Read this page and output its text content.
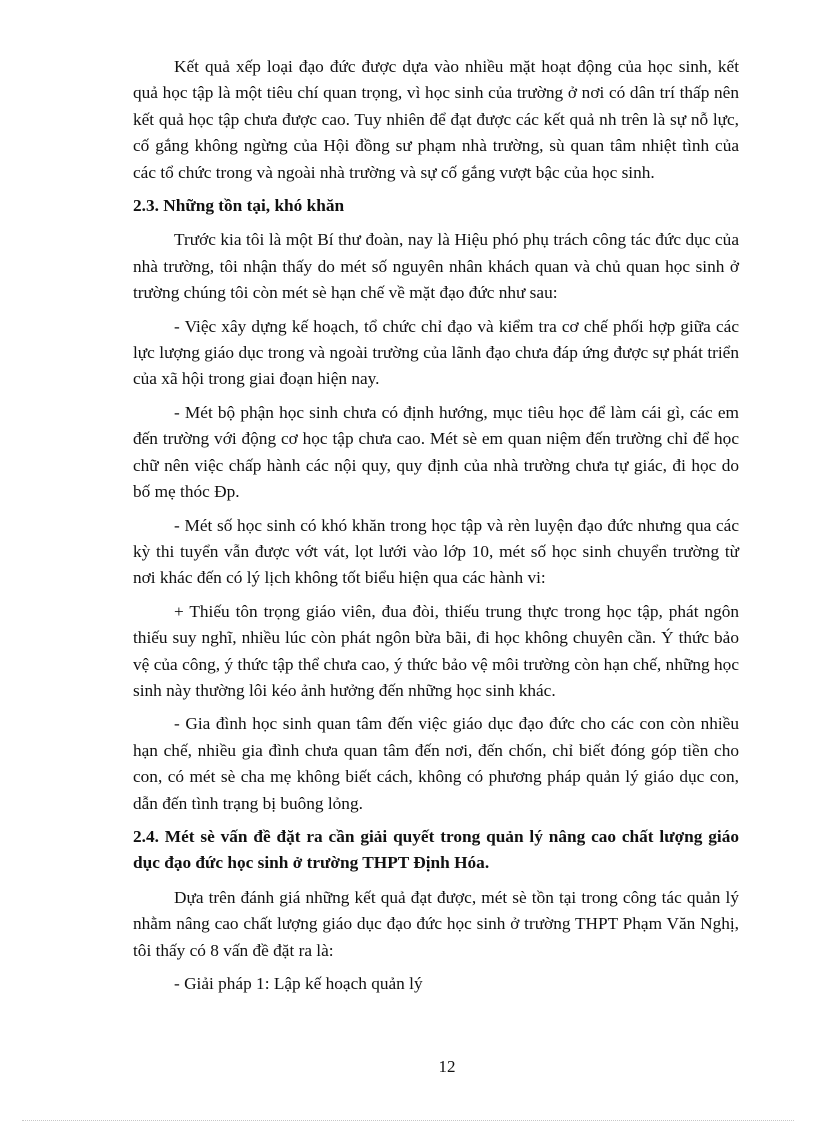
Kết quả xếp loại đạo đức được dựa vào nhiều mặt hoạt động của học sinh, kết quả học tập là một tiêu chí quan trọng, vì học sinh của trường ở nơi có dân trí thấp nên kết quả học tập chưa được cao. Tuy nhiên để đạt được các kết quả nh trên là sự nỗ lực, cố gắng không ngừng của Hội đồng sư phạm nhà trường, sù quan tâm nhiệt tình của các tổ chức trong và ngoài nhà trường và sự cố gắng vượt bậc của học sinh.

2.3. Những tồn tại, khó khăn

Trước kia tôi là một Bí thư đoàn, nay là Hiệu phó phụ trách công tác đức dục của nhà trường, tôi nhận thấy do mét số nguyên nhân khách quan và chủ quan học sinh ở trường chúng tôi còn mét sè hạn chế về mặt đạo đức như sau:

- Việc xây dựng kế hoạch, tổ chức chỉ đạo và kiểm tra cơ chế phối hợp giữa các lực lượng giáo dục trong và ngoài trường của lãnh đạo chưa đáp ứng được sự phát triển của xã hội trong giai đoạn hiện nay.

- Mét bộ phận học sinh chưa có định hướng, mục tiêu học để làm cái gì, các em đến trường với động cơ học tập chưa cao. Mét sè em quan niệm đến trường chỉ để học chữ nên việc chấp hành các nội quy, quy định của nhà trường chưa tự giác, đi học do bố mẹ thóc Đp.

- Mét số học sinh có khó khăn trong học tập và rèn luyện đạo đức nhưng qua các kỳ thi tuyển vẫn được vớt vát, lọt lưới vào lớp 10, mét số học sinh chuyển trường từ nơi khác đến có lý lịch không tốt biểu hiện qua các hành vi:

+ Thiếu tôn trọng giáo viên, đua đòi, thiếu trung thực trong học tập, phát ngôn thiếu suy nghĩ, nhiều lúc còn phát ngôn bừa bãi, đi học không chuyên cần. Ý thức bảo vệ của công, ý thức tập thể chưa cao, ý thức bảo vệ môi trường còn hạn chế, những học sinh này thường lôi kéo ảnh hưởng đến những học sinh khác.

- Gia đình học sinh quan tâm đến việc giáo dục đạo đức cho các con còn nhiều hạn chế, nhiều gia đình chưa quan tâm đến nơi, đến chốn, chỉ biết đóng góp tiền cho con, có mét sè cha mẹ không biết cách, không có phương pháp quản lý giáo dục con, dẫn đến tình trạng bị buông lỏng.

2.4. Mét sè vấn đề đặt ra cần giải quyết trong quản lý nâng cao chất lượng giáo dục đạo đức học sinh ở trường THPT Định Hóa.

Dựa trên đánh giá những kết quả đạt được, mét sè tồn tại trong công tác quản lý nhằm nâng cao chất lượng giáo dục đạo đức học sinh ở trường THPT Phạm Văn Nghị, tôi thấy có 8 vấn đề đặt ra là:

- Giải pháp 1: Lập kế hoạch quản lý

12
